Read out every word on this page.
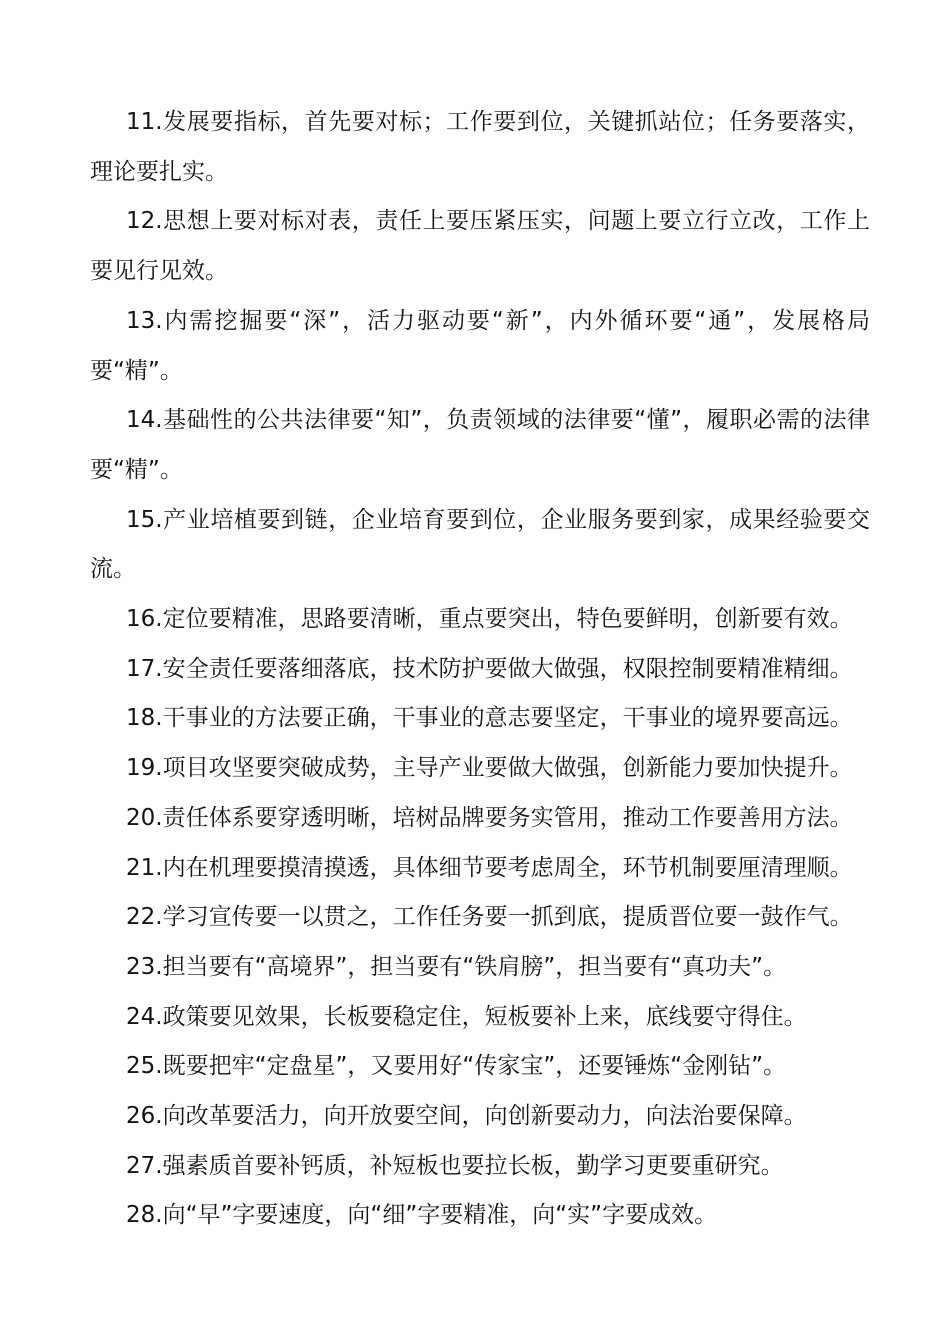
11.发展要指标，首先要对标；工作要到位，关键抓站位；任务要落实，理论要扎实。

12.思想上要对标对表，责任上要压紧压实，问题上要立行立改，工作上要见行见效。

13.内需挖掘要“深”，活力驱动要“新”，内外循环要“通”，发展格局要“精”。

14.基础性的公共法律要“知”，负责领域的法律要“懂”，履职必需的法律要“精”。

15.产业培植要到链，企业培育要到位，企业服务要到家，成果经验要交流。

16.定位要精准，思路要清晰，重点要突出，特色要鲜明，创新要有效。

17.安全责任要落细落底，技术防护要做大做强，权限控制要精准精细。

18.干事业的方法要正确，干事业的意志要坚定，干事业的境界要高远。

19.项目攻坚要突破成势，主导产业要做大做强，创新能力要加快提升。

20.责任体系要穿透明晰，培树品牌要务实管用，推动工作要善用方法。

21.内在机理要摸清摸透，具体细节要考虑周全，环节机制要厘清理顺。

22.学习宣传要一以贯之，工作任务要一抓到底，提质晋位要一鼓作气。

23.担当要有“高境界”，担当要有“铁肩膀”，担当要有“真功夫”。

24.政策要见效果，长板要稳定住，短板要补上来，底线要守得住。

25.既要把牢“定盘星”，又要用好“传家宝”，还要锤炼“金刚钻”。

26.向改革要活力，向开放要空间，向创新要动力，向法治要保障。

27.强素质首要补钙质，补短板也要拉长板，勤学习更要重研究。

28.向“早”字要速度，向“细”字要精准，向“实”字要成效。
